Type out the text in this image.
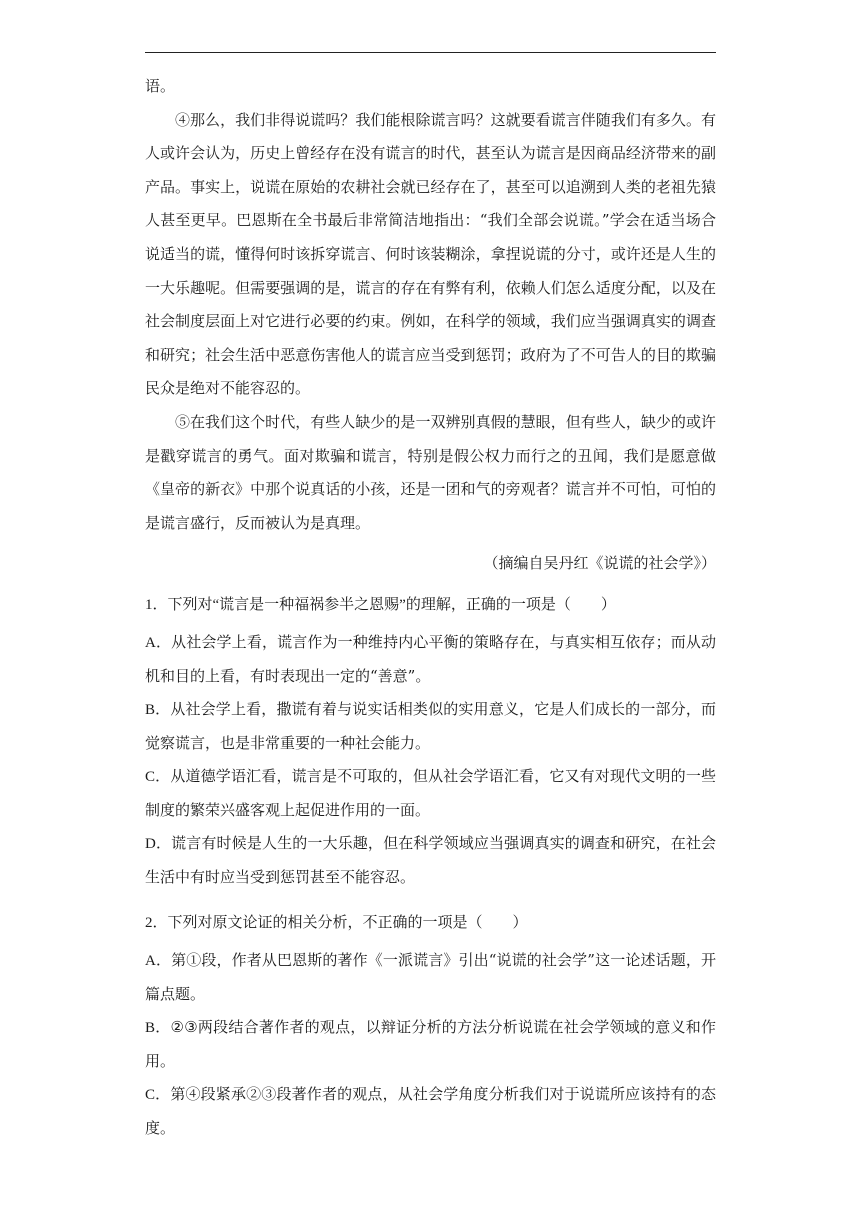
语。

④那么，我们非得说谎吗？我们能根除谎言吗？这就要看谎言伴随我们有多久。有人或许会认为，历史上曾经存在没有谎言的时代，甚至认为谎言是因商品经济带来的副产品。事实上，说谎在原始的农耕社会就已经存在了，甚至可以追溯到人类的老祖先猿人甚至更早。巴恩斯在全书最后非常简洁地指出：“我们全部会说谎。”学会在适当场合说适当的谎，懂得何时该拆穿谎言、何时该装糊涂，拿捏说谎的分寸，或许还是人生的一大乐趣呢。但需要强调的是，谎言的存在有弊有利，依赖人们怎么适度分配，以及在社会制度层面上对它进行必要的约束。例如，在科学的领域，我们应当强调真实的调查和研究；社会生活中恶意伤害他人的谎言应当受到惩罚；政府为了不可告人的目的欺骗民众是绝对不能容忍的。

⑤在我们这个时代，有些人缺少的是一双辨别真假的慧眼，但有些人，缺少的或许是戳穿谎言的勇气。面对欺骗和谎言，特别是假公权力而行之的丑闻，我们是愿意做《皇帝的新衣》中那个说真话的小孩，还是一团和气的旁观者？谎言并不可怕，可怕的是谎言盛行，反而被认为是真理。

（摘编自吴丹红《说谎的社会学》）

1．下列对“谎言是一种福祸参半之恩赐”的理解，正确的一项是（　　）

A．从社会学上看，谎言作为一种维持内心平衡的策略存在，与真实相互依存；而从动机和目的上看，有时表现出一定的“善意”。

B．从社会学上看，撒谎有着与说实话相类似的实用意义，它是人们成长的一部分，而觉察谎言，也是非常重要的一种社会能力。

C．从道德学语汇看，谎言是不可取的，但从社会学语汇看，它又有对现代文明的一些制度的繁荣兴盛客观上起促进作用的一面。

D．谎言有时候是人生的一大乐趣，但在科学领域应当强调真实的调查和研究，在社会生活中有时应当受到惩罚甚至不能容忍。

2．下列对原文论证的相关分析，不正确的一项是（　　）

A．第①段，作者从巴恩斯的著作《一派谎言》引出“说谎的社会学”这一论述话题，开篇点题。

B．②③两段结合著作者的观点，以辩证分析的方法分析说谎在社会学领域的意义和作用。

C．第④段紧承②③段著作者的观点，从社会学角度分析我们对于说谎所应该持有的态度。
